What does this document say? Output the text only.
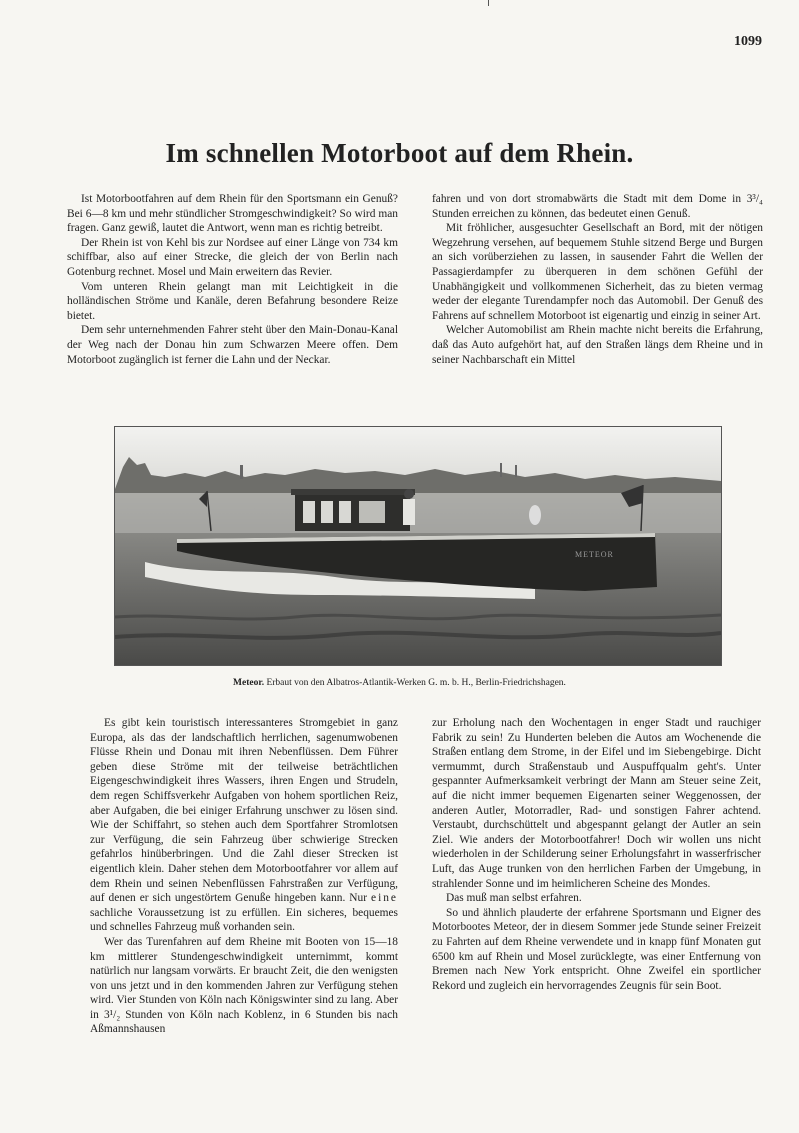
1099
Im schnellen Motorboot auf dem Rhein.

Ist Motorbootfahren auf dem Rhein für den Sportsmann ein Genuß? Bei 6—8 km und mehr stündlicher Stromgeschwindigkeit? So wird man fragen. Ganz gewiß, lautet die Antwort, wenn man es richtig betreibt.

Der Rhein ist von Kehl bis zur Nordsee auf einer Länge von 734 km schiffbar, also auf einer Strecke, die gleich der von Berlin nach Gotenburg rechnet. Mosel und Main erweitern das Revier.

Vom unteren Rhein gelangt man mit Leichtigkeit in die holländischen Ströme und Kanäle, deren Befahrung besondere Reize bietet.

Dem sehr unternehmenden Fahrer steht über den Main-Donau-Kanal der Weg nach der Donau hin zum Schwarzen Meere offen. Dem Motorboot zugänglich ist ferner die Lahn und der Neckar.

fahren und von dort stromabwärts die Stadt mit dem Dome in 3³/₄ Stunden erreichen zu können, das bedeutet einen Genuß.

Mit fröhlicher, ausgesuchter Gesellschaft an Bord, mit der nötigen Wegzehrung versehen, auf bequemem Stuhle sitzend Berge und Burgen an sich vorüberziehen zu lassen, in sausender Fahrt die Wellen der Passagierdampfer zu überqueren in dem schönen Gefühl der Unabhängigkeit und vollkommenen Sicherheit, das zu bieten vermag weder der elegante Turendampfer noch das Automobil. Der Genuß des Fahrens auf schnellem Motorboot ist eigenartig und einzig in seiner Art.

Welcher Automobilist am Rhein machte nicht bereits die Erfahrung, daß das Auto aufgehört hat, auf den Straßen längs dem Rheine und in seiner Nachbarschaft ein Mittel

METEOR
Meteor. Erbaut von den Albatros-Atlantik-Werken G. m. b. H., Berlin-Friedrichshagen.

Es gibt kein touristisch interessanteres Stromgebiet in ganz Europa, als das der landschaftlich herrlichen, sagenumwobenen Flüsse Rhein und Donau mit ihren Nebenflüssen. Dem Führer geben diese Ströme mit der teilweise beträchtlichen Eigengeschwindigkeit ihres Wassers, ihren Engen und Strudeln, dem regen Schiffsverkehr Aufgaben von hohem sportlichen Reiz, aber Aufgaben, die bei einiger Erfahrung unschwer zu lösen sind. Wie der Schiffahrt, so stehen auch dem Sportfahrer Stromlotsen zur Verfügung, die sein Fahrzeug über schwierige Strecken gefahrlos hinüberbringen. Und die Zahl dieser Strecken ist eigentlich klein. Daher stehen dem Motorbootfahrer vor allem auf dem Rhein und seinen Nebenflüssen Fahrstraßen zur Verfügung, auf denen er sich ungestörtem Genuße hingeben kann. Nur eine sachliche Voraussetzung ist zu erfüllen. Ein sicheres, bequemes und schnelles Fahrzeug muß vorhanden sein.

Wer das Turenfahren auf dem Rheine mit Booten von 15—18 km mittlerer Stundengeschwindigkeit unternimmt, kommt natürlich nur langsam vorwärts. Er braucht Zeit, die den wenigsten von uns jetzt und in den kommenden Jahren zur Verfügung stehen wird. Vier Stunden von Köln nach Königswinter sind zu lang. Aber in 3¹/₂ Stunden von Köln nach Koblenz, in 6 Stunden bis nach Aßmannshausen

zur Erholung nach den Wochentagen in enger Stadt und rauchiger Fabrik zu sein! Zu Hunderten beleben die Autos am Wochenende die Straßen entlang dem Strome, in der Eifel und im Siebengebirge. Dicht vermummt, durch Straßenstaub und Auspuffqualm geht's. Unter gespannter Aufmerksamkeit verbringt der Mann am Steuer seine Zeit, auf die nicht immer bequemen Eigenarten seiner Weggenossen, der anderen Autler, Motorradler, Rad- und sonstigen Fahrer achtend. Verstaubt, durchschüttelt und abgespannt gelangt der Autler an sein Ziel. Wie anders der Motorbootfahrer! Doch wir wollen uns nicht wiederholen in der Schilderung seiner Erholungsfahrt in wasserfrischer Luft, das Auge trunken von den herrlichen Farben der Umgebung, in strahlender Sonne und im heimlicheren Scheine des Mondes.

Das muß man selbst erfahren.

So und ähnlich plauderte der erfahrene Sportsmann und Eigner des Motorbootes Meteor, der in diesem Sommer jede Stunde seiner Freizeit zu Fahrten auf dem Rheine verwendete und in knapp fünf Monaten gut 6500 km auf Rhein und Mosel zurücklegte, was einer Entfernung von Bremen nach New York entspricht. Ohne Zweifel ein sportlicher Rekord und zugleich ein hervorragendes Zeugnis für sein Boot.
